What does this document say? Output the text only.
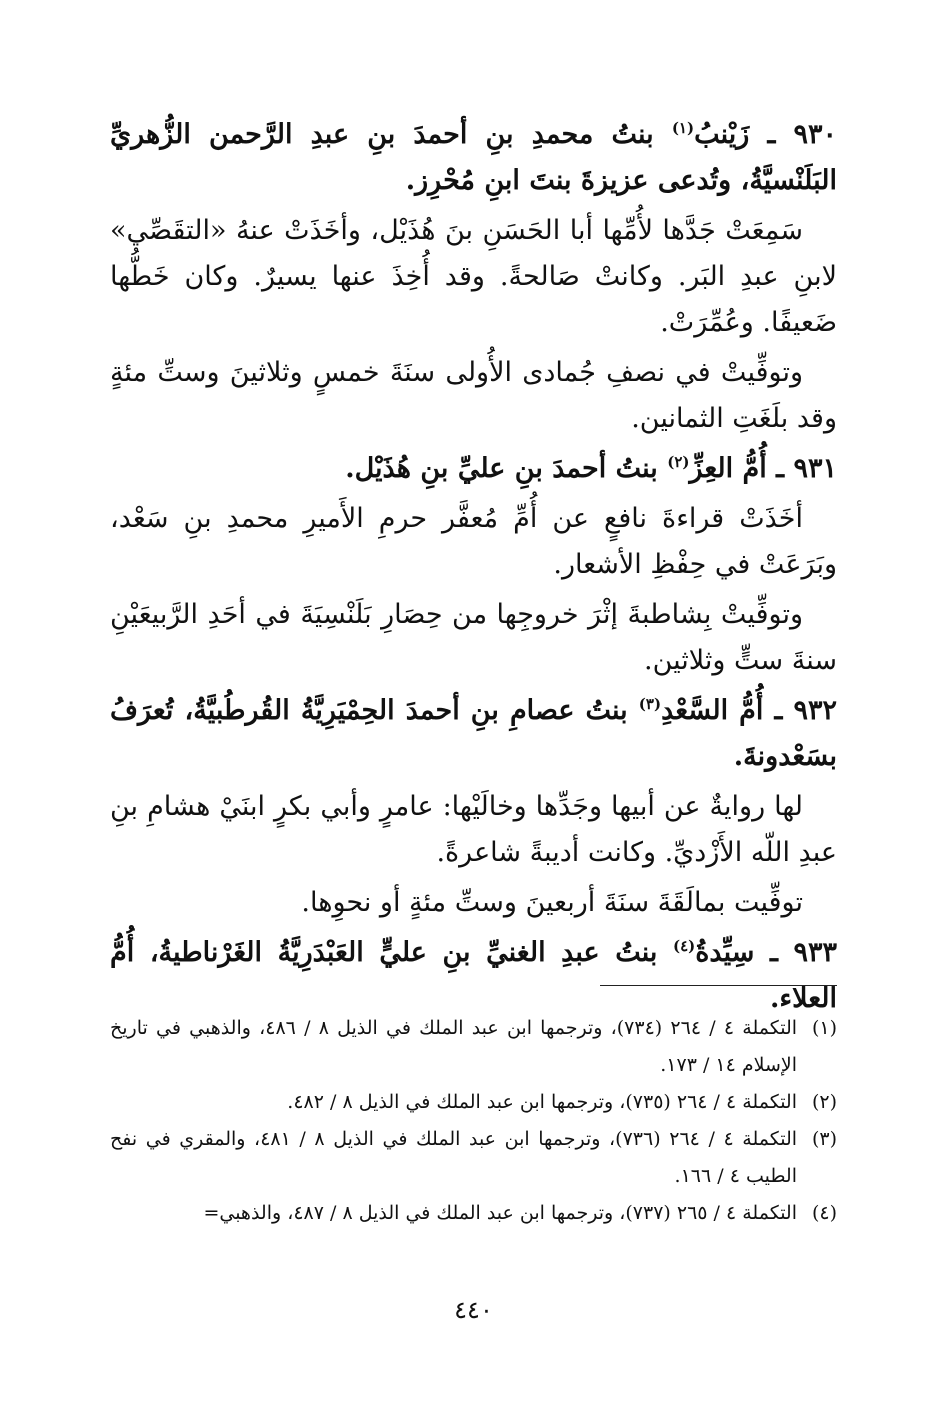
٩٣٠ ـ زَيْنبُ$^{(١)}$ بنتُ محمدِ بنِ أحمدَ بنِ عبدِ الرَّحمن الزُّهريِّ البَلَنْسيَّةُ، وتُدعى عزيزةَ بنتَ ابنِ مُحْرِز.

سَمِعَتْ جَدَّها لأُمِّها أبا الحَسَنِ بنَ هُذَيْل، وأخَذَتْ عنهُ «التقَصِّي» لابنِ عبدِ البَر. وكانتْ صَالحةً. وقد أُخِذَ عنها يسيرٌ. وكان خَطُّها ضَعيفًا. وعُمِّرَتْ.

وتوفِّيتْ في نصفِ جُمادى الأُولى سنَةَ خمسٍ وثلاثينَ وستِّ مئةٍ وقد بلَغَتِ الثمانين.

٩٣١ ـ أُمُّ العِزِّ$^{(٢)}$ بنتُ أحمدَ بنِ عليِّ بنِ هُذَيْل.

أخَذَتْ قراءةَ نافعٍ عن أُمِّ مُعفَّر حرمِ الأَميرِ محمدِ بنِ سَعْد، وبَرَعَتْ في حِفْظِ الأشعار.

وتوفِّيتْ بِشاطبةَ إثْرَ خروجِها من حِصَارِ بَلَنْسِيَةَ في أحَدِ الرَّبيعَيْنِ سنةَ ستٍّ وثلاثين.

٩٣٢ ـ أُمُّ السَّعْدِ$^{(٣)}$ بنتُ عصامِ بنِ أحمدَ الحِمْيَرِيَّةُ القُرطُبيَّةُ، تُعرَفُ بسَعْدونةَ.

لها روايةٌ عن أبيها وجَدِّها وخالَيْها: عامرٍ وأبي بكرٍ ابنَيْ هشامِ بنِ عبدِ اللّه الأَزْديِّ. وكانت أديبةً شاعرةً.

توفِّيت بمالَقَةَ سنَةَ أربعينَ وستِّ مئةٍ أو نحوِها.

٩٣٣ ـ سِيِّدةُ$^{(٤)}$ بنتُ عبدِ الغنيِّ بنِ عليٍّ العَبْدَرِيَّةُ الغَرْناطيةُ، أُمُّ العلاء.

(١)
التكملة ٤ / ٢٦٤ (٧٣٤)، وترجمها ابن عبد الملك في الذيل ٨ / ٤٨٦، والذهبي في تاريخ الإسلام ١٤ / ١٧٣.
(٢)
التكملة ٤ / ٢٦٤ (٧٣٥)، وترجمها ابن عبد الملك في الذيل ٨ / ٤٨٢.
(٣)
التكملة ٤ / ٢٦٤ (٧٣٦)، وترجمها ابن عبد الملك في الذيل ٨ / ٤٨١، والمقري في نفح الطيب ٤ / ١٦٦.
(٤)
التكملة ٤ / ٢٦٥ (٧٣٧)، وترجمها ابن عبد الملك في الذيل ٨ / ٤٨٧، والذهبي=
٤٤٠
